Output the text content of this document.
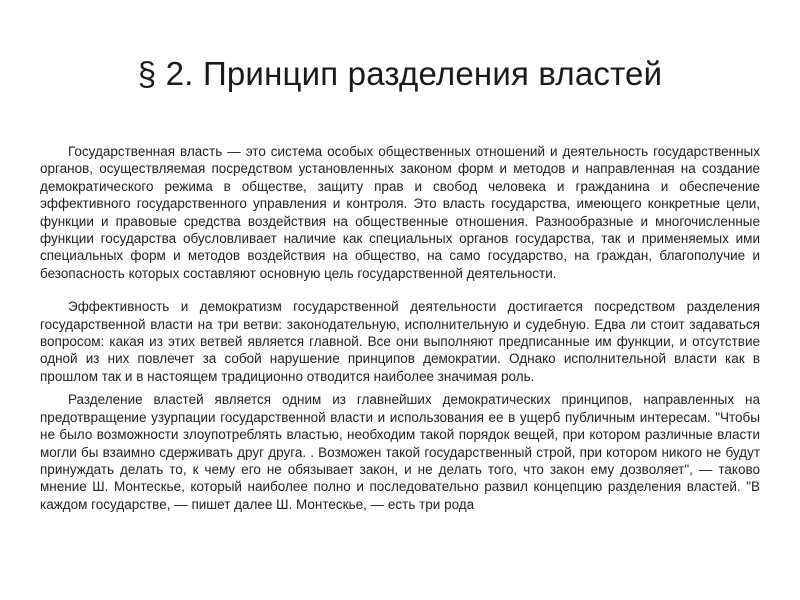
§ 2. Принцип разделения властей

Государственная власть — это система особых общественных отношений и деятельность государственных органов, осуществляемая посредством установленных законом форм и методов и направленная на создание демократического режима в обществе, защиту прав и свобод человека и гражданина и обеспечение эффективного государственного управления и контроля. Это власть государства, имеющего конкретные цели, функции и правовые средства воздействия на общественные отношения. Разнообразные и многочисленные функции государства обусловливает наличие как специальных органов государства, так и применяемых ими специальных форм и методов воздействия на общество, на само государство, на граждан, благополучие и безопасность которых составляют основную цель государственной деятельности.

Эффективность и демократизм государственной деятельности достигается посредством разделения государственной власти на три ветви: законодательную, исполнительную и судебную. Едва ли стоит задаваться вопросом: какая из этих ветвей является главной. Все они выполняют предписанные им функции, и отсутствие одной из них повлечет за собой нарушение принципов демократии. Однако исполнительной власти как в прошлом так и в настоящем традиционно отводится наиболее значимая роль.

Разделение властей является одним из главнейших демократических принципов, направленных на предотвращение узурпации государственной власти и использования ее в ущерб публичным интересам. "Чтобы не было возможности злоупотреблять властью, необходим такой порядок вещей, при котором различные власти могли бы взаимно сдерживать друг друга. . Возможен такой государственный строй, при котором никого не будут принуждать делать то, к чему его не обязывает закон, и не делать того, что закон ему дозволяет", — таково мнение Ш. Монтескье, который наиболее полно и последовательно развил концепцию разделения властей. "В каждом государстве, — пишет далее Ш. Монтескье, — есть три рода
